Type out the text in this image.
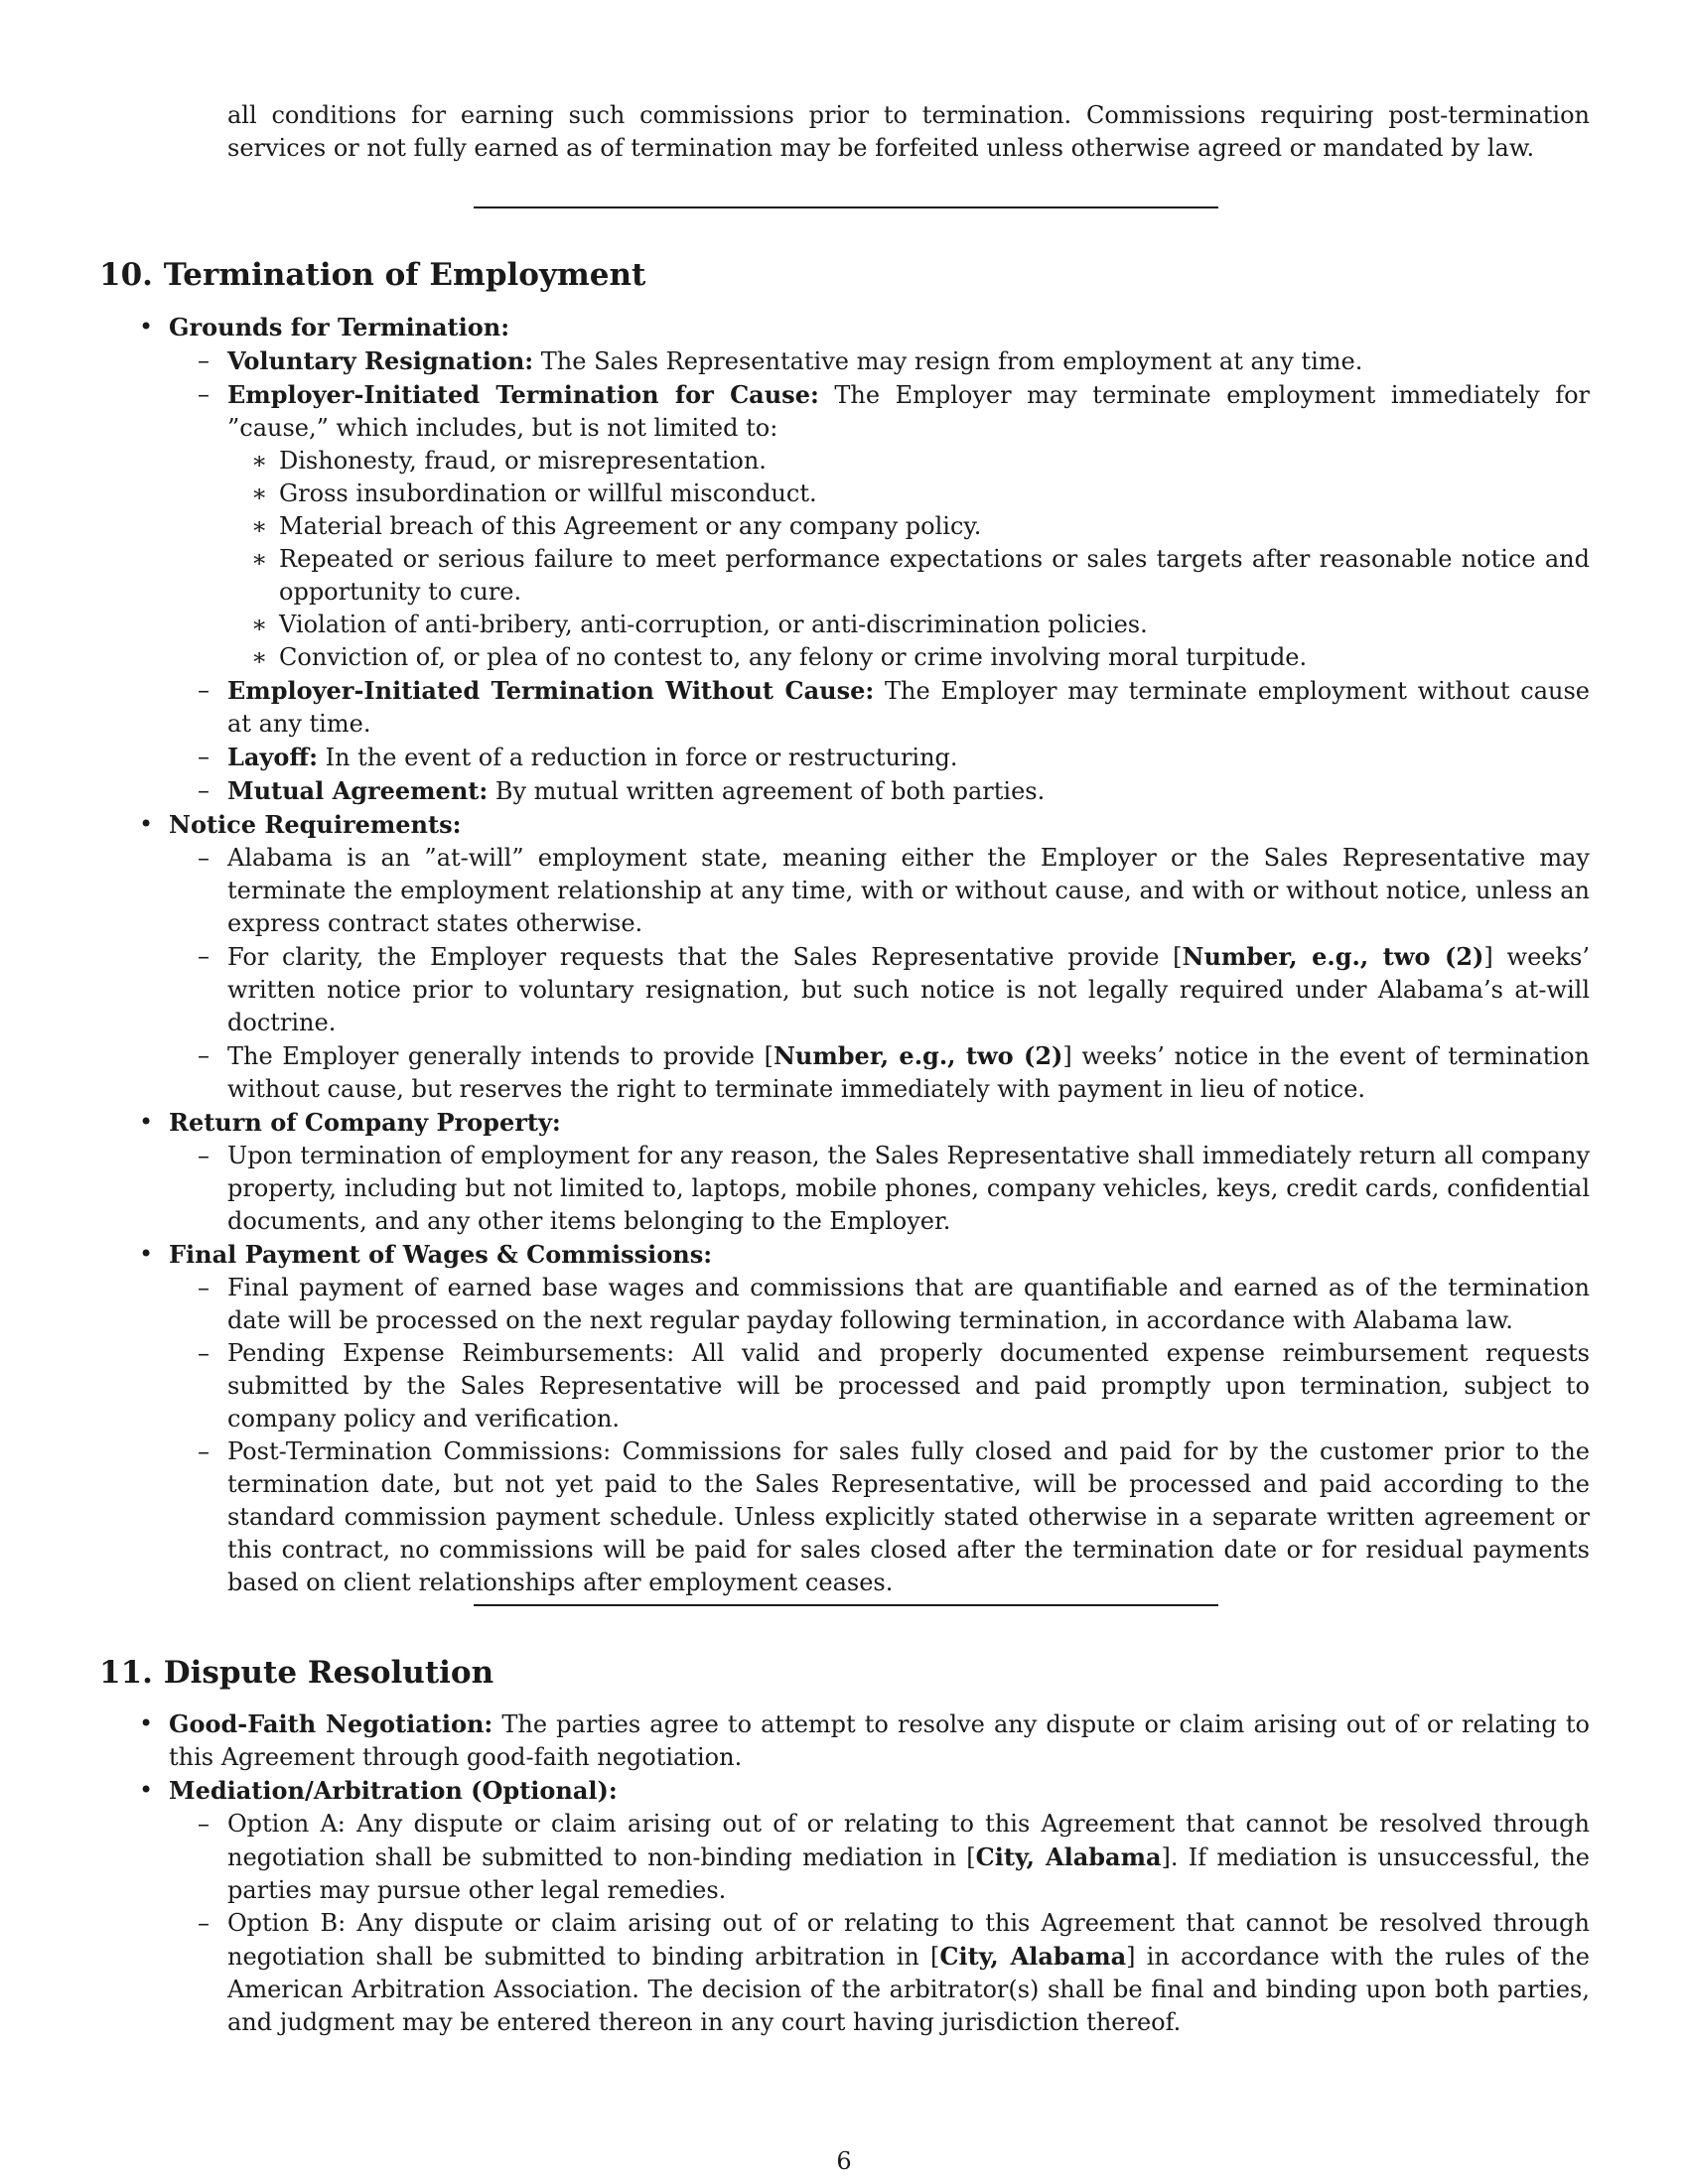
all conditions for earning such commissions prior to termination. Commissions requiring post-termination services or not fully earned as of termination may be forfeited unless otherwise agreed or mandated by law.

10. Termination of Employment
• Grounds for Termination:
– Voluntary Resignation: The Sales Representative may resign from employment at any time.
– Employer-Initiated Termination for Cause: The Employer may terminate employment immediately for ”cause,” which includes, but is not limited to:
∗ Dishonesty, fraud, or misrepresentation.
∗ Gross insubordination or willful misconduct.
∗ Material breach of this Agreement or any company policy.
∗ Repeated or serious failure to meet performance expectations or sales targets after reasonable notice and opportunity to cure.
∗ Violation of anti-bribery, anti-corruption, or anti-discrimination policies.
∗ Conviction of, or plea of no contest to, any felony or crime involving moral turpitude.
– Employer-Initiated Termination Without Cause: The Employer may terminate employment without cause at any time.
– Layoff: In the event of a reduction in force or restructuring.
– Mutual Agreement: By mutual written agreement of both parties.
• Notice Requirements:
– Alabama is an ”at-will” employment state, meaning either the Employer or the Sales Representative may terminate the employment relationship at any time, with or without cause, and with or without notice, unless an express contract states otherwise.
– For clarity, the Employer requests that the Sales Representative provide [Number, e.g., two (2)] weeks’ written notice prior to voluntary resignation, but such notice is not legally required under Alabama’s at-will doctrine.
– The Employer generally intends to provide [Number, e.g., two (2)] weeks’ notice in the event of termination without cause, but reserves the right to terminate immediately with payment in lieu of notice.
• Return of Company Property:
– Upon termination of employment for any reason, the Sales Representative shall immediately return all company property, including but not limited to, laptops, mobile phones, company vehicles, keys, credit cards, confidential documents, and any other items belonging to the Employer.
• Final Payment of Wages & Commissions:
– Final payment of earned base wages and commissions that are quantifiable and earned as of the termination date will be processed on the next regular payday following termination, in accordance with Alabama law.
– Pending Expense Reimbursements: All valid and properly documented expense reimbursement requests submitted by the Sales Representative will be processed and paid promptly upon termination, subject to company policy and verification.
– Post-Termination Commissions: Commissions for sales fully closed and paid for by the customer prior to the termination date, but not yet paid to the Sales Representative, will be processed and paid according to the standard commission payment schedule. Unless explicitly stated otherwise in a separate written agreement or this contract, no commissions will be paid for sales closed after the termination date or for residual payments based on client relationships after employment ceases.
11. Dispute Resolution
• Good-Faith Negotiation: The parties agree to attempt to resolve any dispute or claim arising out of or relating to this Agreement through good-faith negotiation.
• Mediation/Arbitration (Optional):
– Option A: Any dispute or claim arising out of or relating to this Agreement that cannot be resolved through negotiation shall be submitted to non-binding mediation in [City, Alabama]. If mediation is unsuccessful, the parties may pursue other legal remedies.
– Option B: Any dispute or claim arising out of or relating to this Agreement that cannot be resolved through negotiation shall be submitted to binding arbitration in [City, Alabama] in accordance with the rules of the American Arbitration Association. The decision of the arbitrator(s) shall be final and binding upon both parties, and judgment may be entered thereon in any court having jurisdiction thereof.
6
